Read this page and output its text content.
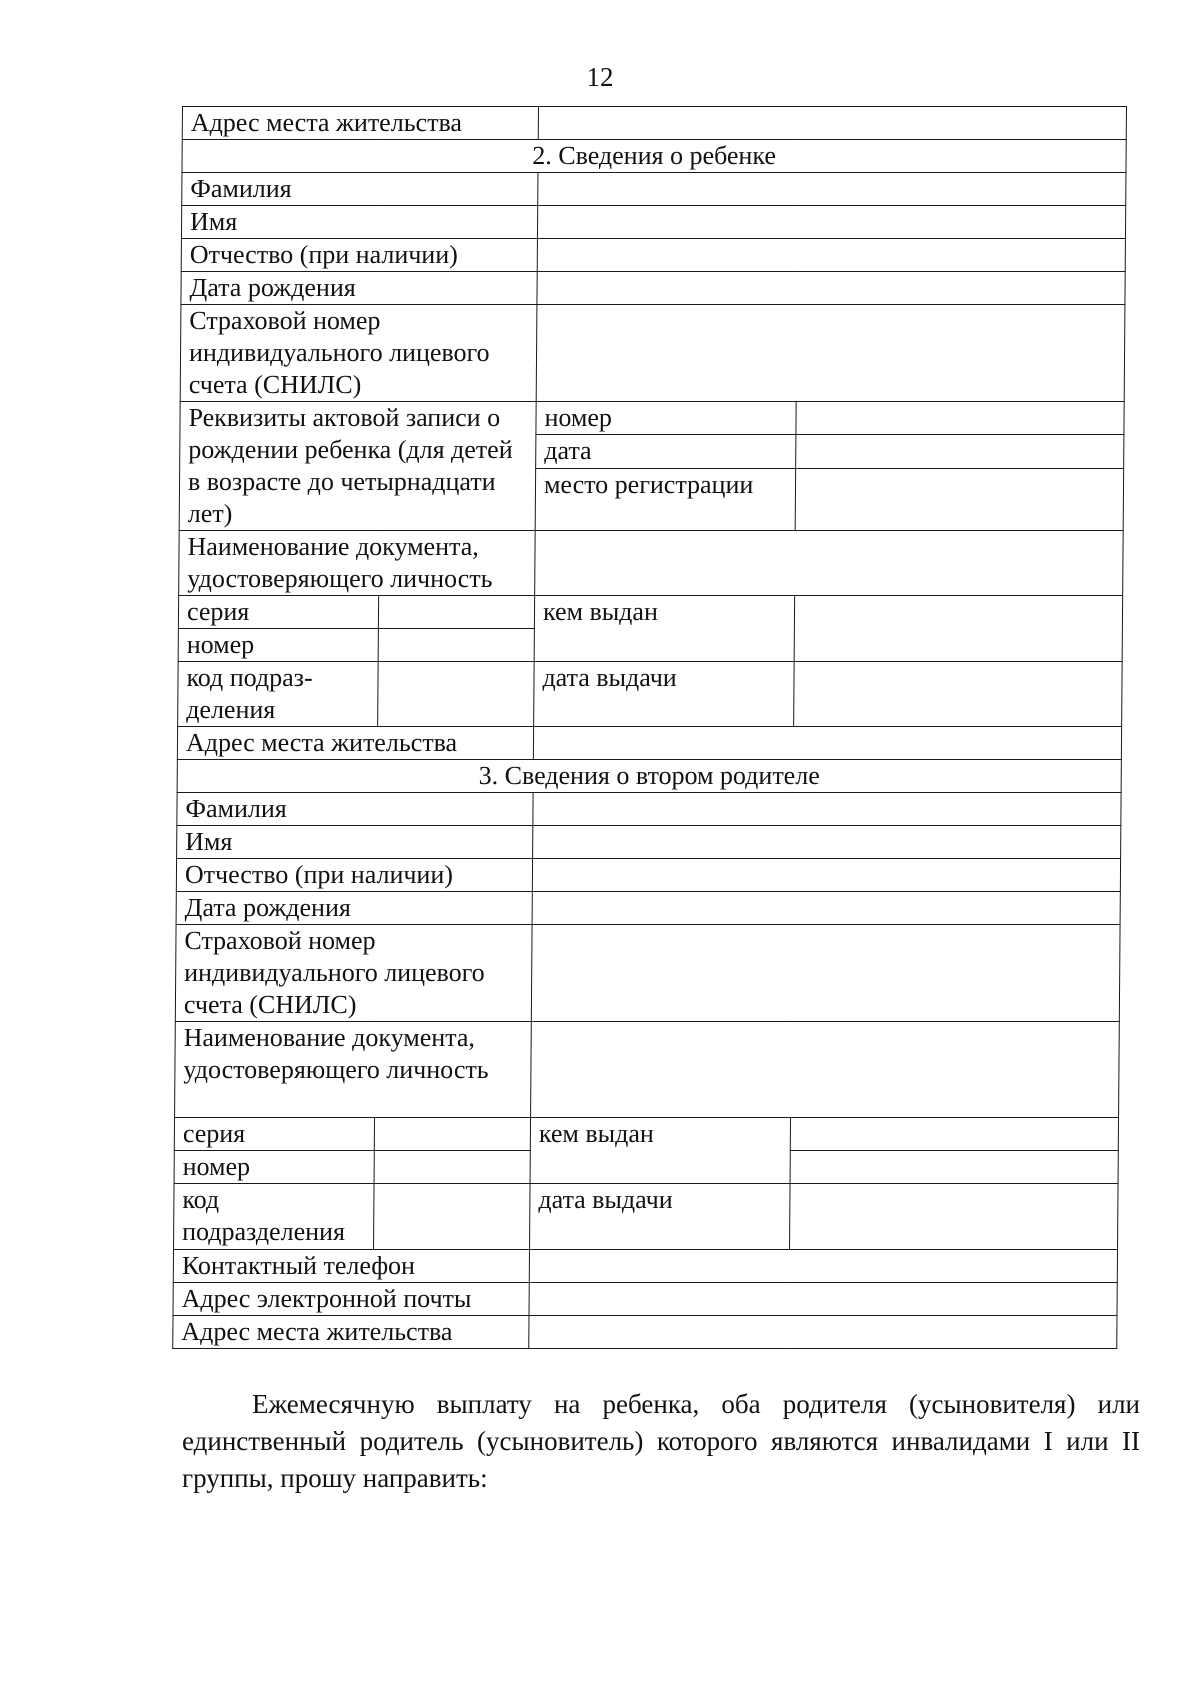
12
Адрес места жительства			
2. Сведения о ребенке			
Фамилия			
Имя			
Отчество (при наличии)			
Дата рождения			
Страховой номер индивидуального лицевого счета (СНИЛС)			
Реквизиты актовой записи о рождении ребенка (для детей в возрасте до четырнадцати лет)		номер	
		дата	
		место регистрации	
Наименование документа, удостоверяющего личность			
серия		кем выдан	
номер			
код подраз- деления		дата выдачи	
Адрес места жительства			
3. Сведения о втором родителе			
Фамилия			
Имя			
Отчество (при наличии)			
Дата рождения			
Страховой номер индивидуального лицевого счета (СНИЛС)			
Наименование документа, удостоверяющего личность			
серия		кем выдан	
номер			
код подразделения		дата выдачи	
Контактный телефон			
Адрес электронной почты			
Адрес места жительства			
Ежемесячную выплату на ребенка, оба родителя (усыновителя) или единственный родитель (усыновитель) которого являются инвалидами I или II группы, прошу направить:
